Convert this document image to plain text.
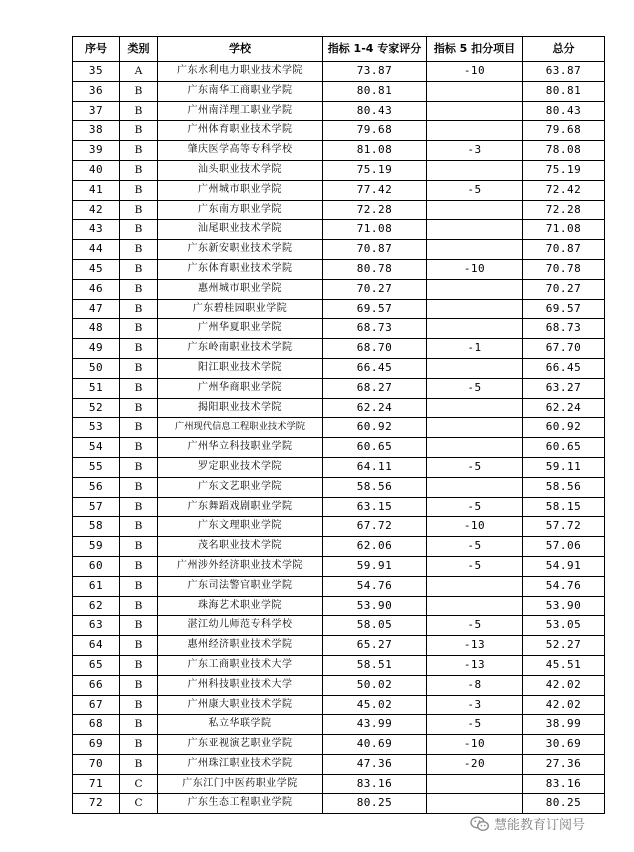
序号	类别	学校	指标 1-4 专家评分	指标 5 扣分项目	总分
35	A	广东水利电力职业技术学院	73.87	-10	63.87
36	B	广东南华工商职业学院	80.81		80.81
37	B	广州南洋理工职业学院	80.43		80.43
38	B	广州体育职业技术学院	79.68		79.68
39	B	肇庆医学高等专科学校	81.08	-3	78.08
40	B	汕头职业技术学院	75.19		75.19
41	B	广州城市职业学院	77.42	-5	72.42
42	B	广东南方职业学院	72.28		72.28
43	B	汕尾职业技术学院	71.08		71.08
44	B	广东新安职业技术学院	70.87		70.87
45	B	广东体育职业技术学院	80.78	-10	70.78
46	B	惠州城市职业学院	70.27		70.27
47	B	广东碧桂园职业学院	69.57		69.57
48	B	广州华夏职业学院	68.73		68.73
49	B	广东岭南职业技术学院	68.70	-1	67.70
50	B	阳江职业技术学院	66.45		66.45
51	B	广州华商职业学院	68.27	-5	63.27
52	B	揭阳职业技术学院	62.24		62.24
53	B	广州现代信息工程职业技术学院	60.92		60.92
54	B	广州华立科技职业学院	60.65		60.65
55	B	罗定职业技术学院	64.11	-5	59.11
56	B	广东文艺职业学院	58.56		58.56
57	B	广东舞蹈戏剧职业学院	63.15	-5	58.15
58	B	广东文理职业学院	67.72	-10	57.72
59	B	茂名职业技术学院	62.06	-5	57.06
60	B	广州涉外经济职业技术学院	59.91	-5	54.91
61	B	广东司法警官职业学院	54.76		54.76
62	B	珠海艺术职业学院	53.90		53.90
63	B	湛江幼儿师范专科学校	58.05	-5	53.05
64	B	惠州经济职业技术学院	65.27	-13	52.27
65	B	广东工商职业技术大学	58.51	-13	45.51
66	B	广州科技职业技术大学	50.02	-8	42.02
67	B	广州康大职业技术学院	45.02	-3	42.02
68	B	私立华联学院	43.99	-5	38.99
69	B	广东亚视演艺职业学院	40.69	-10	30.69
70	B	广州珠江职业技术学院	47.36	-20	27.36
71	C	广东江门中医药职业学院	83.16		83.16
72	C	广东生态工程职业学院	80.25		80.25
慧能教育订阅号
